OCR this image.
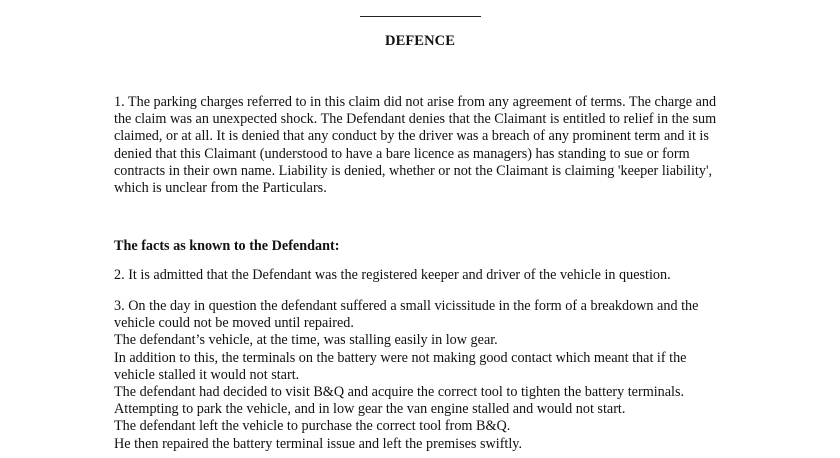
DEFENCE

1. The parking charges referred to in this claim did not arise from any agreement of terms. The charge and

the claim was an unexpected shock. The Defendant denies that the Claimant is entitled to relief in the sum

claimed, or at all. It is denied that any conduct by the driver was a breach of any prominent term and it is

denied that this Claimant (understood to have a bare licence as managers) has standing to sue or form

contracts in their own name. Liability is denied, whether or not the Claimant is claiming 'keeper liability',

which is unclear from the Particulars.

The facts as known to the Defendant:

2. It is admitted that the Defendant was the registered keeper and driver of the vehicle in question.

3. On the day in question the defendant suffered a small vicissitude in the form of a breakdown and the

vehicle could not be moved until repaired.

The defendant’s vehicle, at the time, was stalling easily in low gear.

In addition to this, the terminals on the battery were not making good contact which meant that if the

vehicle stalled it would not start.

The defendant had decided to visit B&Q and acquire the correct tool to tighten the battery terminals.

Attempting to park the vehicle, and in low gear the van engine stalled and would not start.

The defendant left the vehicle to purchase the correct tool from B&Q.

He then repaired the battery terminal issue and left the premises swiftly.
